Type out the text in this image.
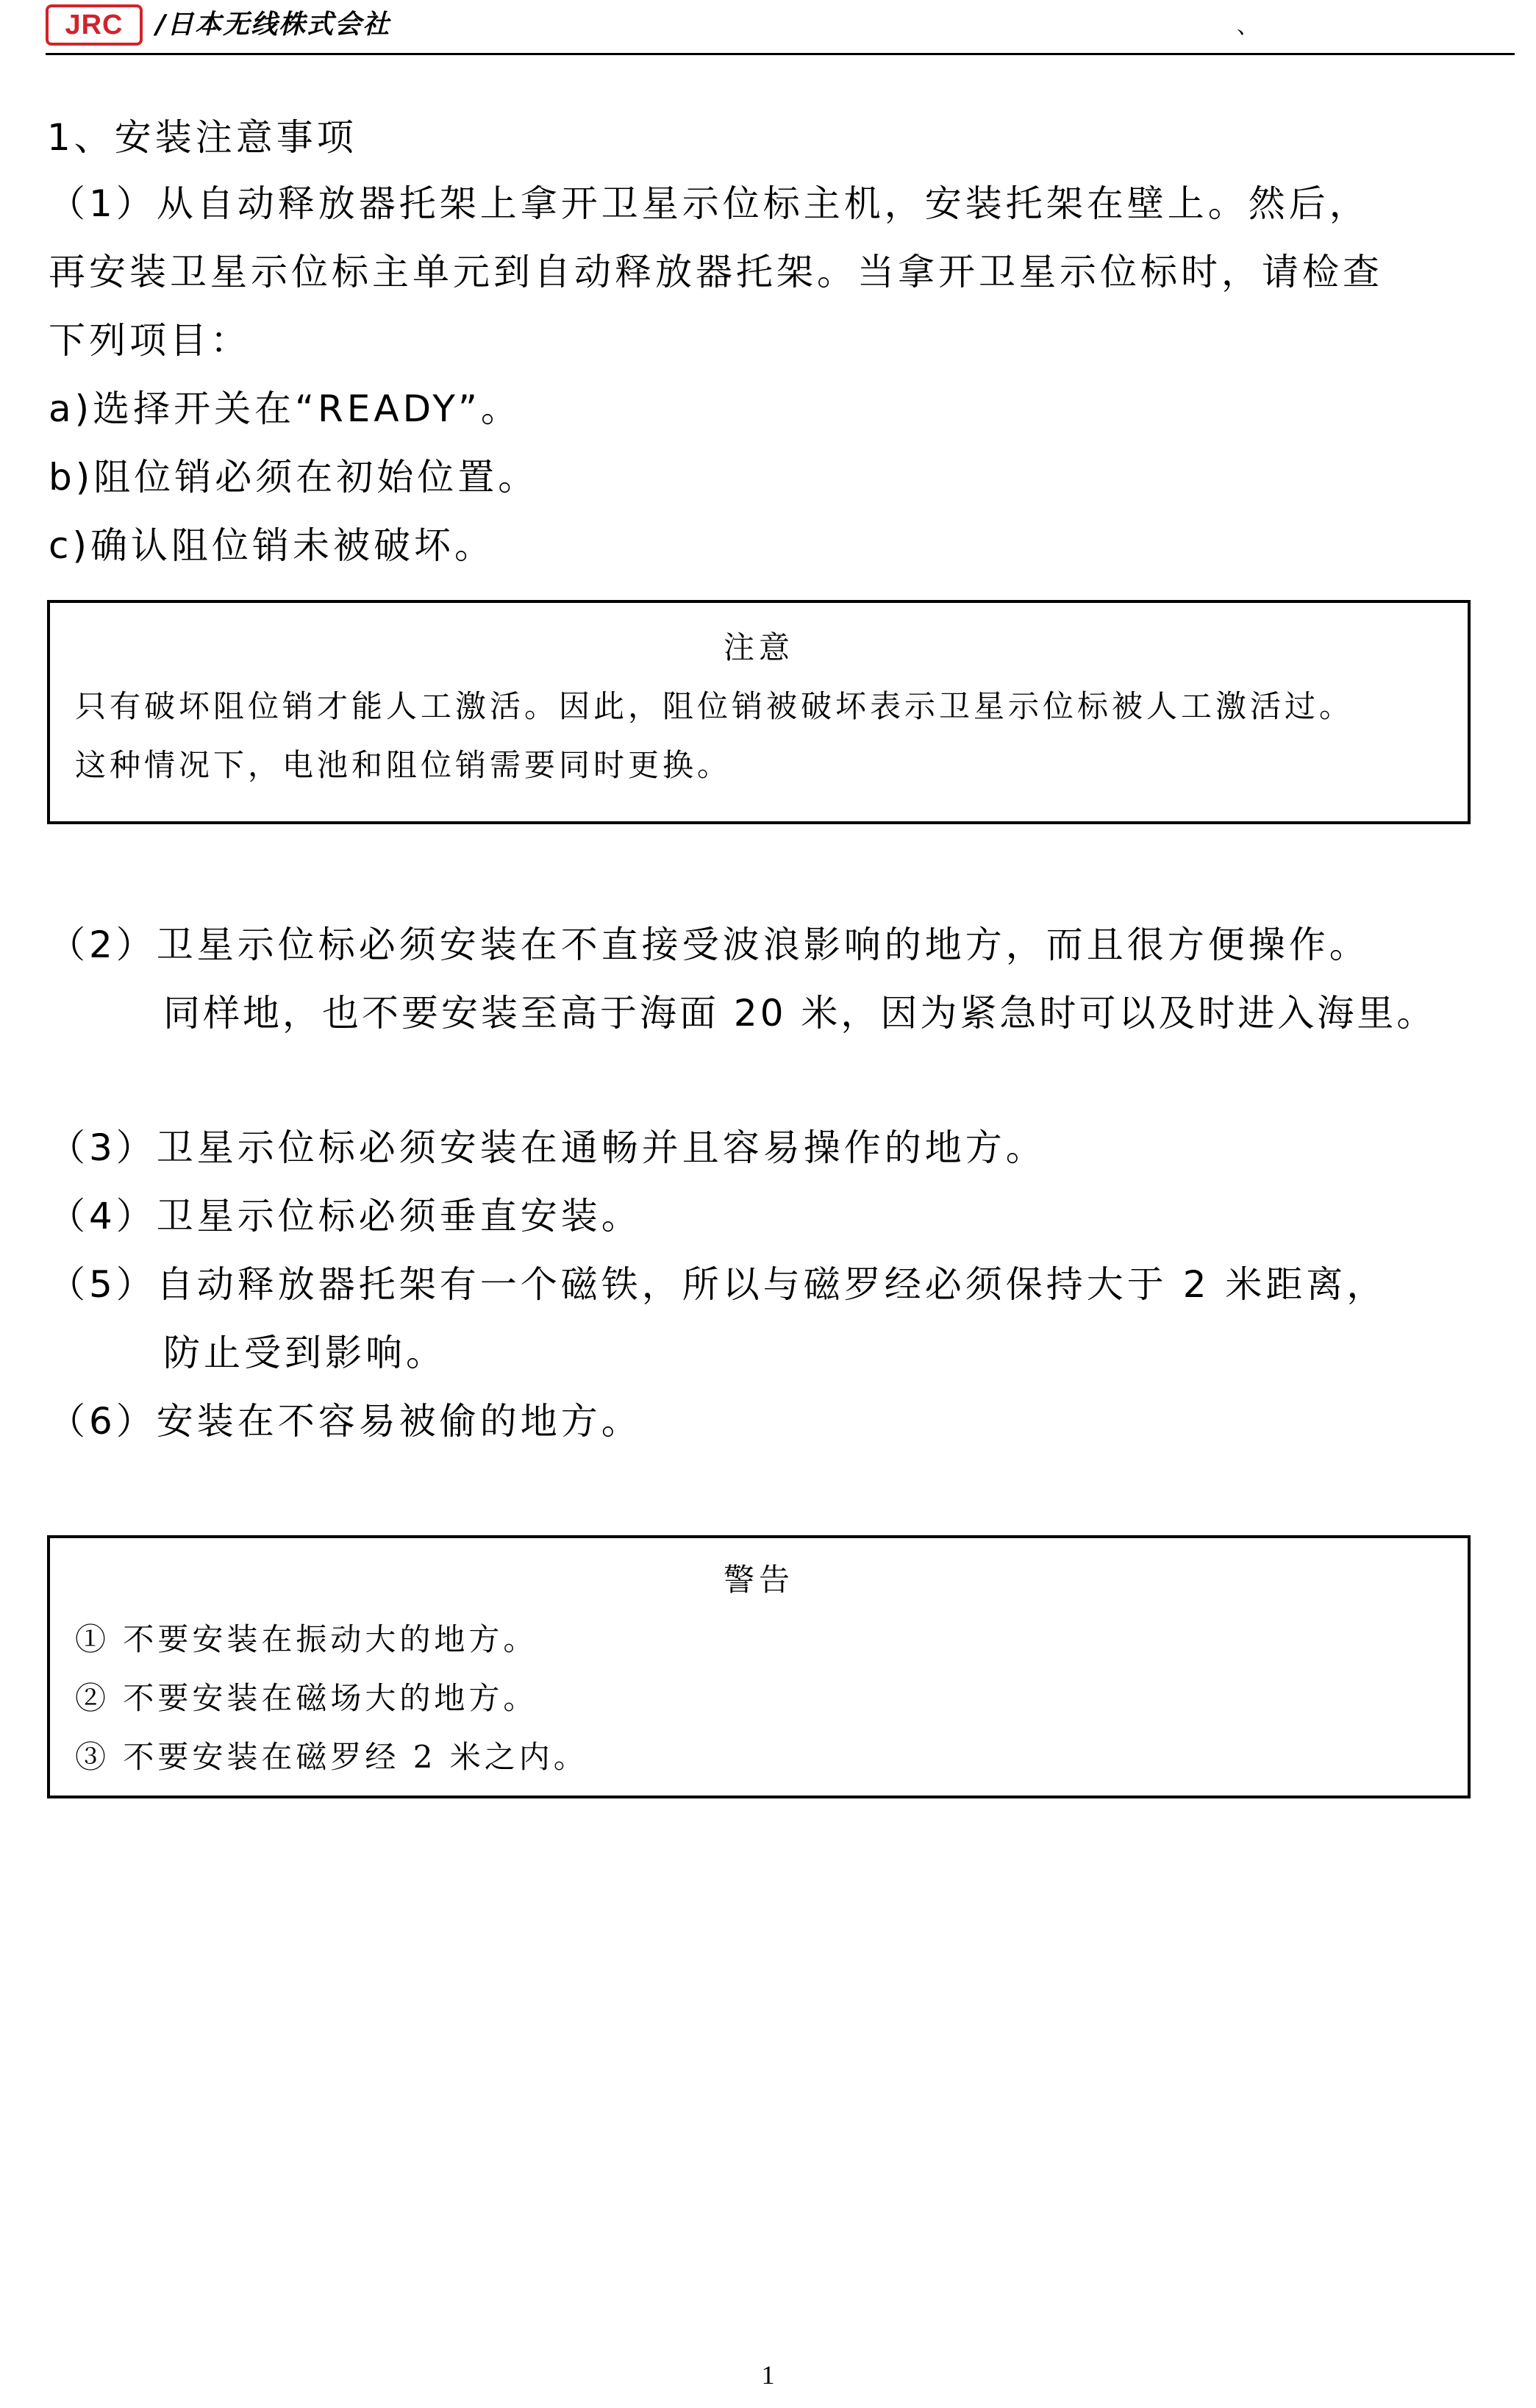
JRC	/日本无线株式会社	、

1、安装注意事项

（1）从自动释放器托架上拿开卫星示位标主机，安装托架在壁上。然后，

再安装卫星示位标主单元到自动释放器托架。当拿开卫星示位标时，请检查

下列项目：

a)选择开关在“READY”。

b)阻位销必须在初始位置。

c)确认阻位销未被破坏。

注意

只有破坏阻位销才能人工激活。因此，阻位销被破坏表示卫星示位标被人工激活过。

这种情况下，电池和阻位销需要同时更换。

（2）卫星示位标必须安装在不直接受波浪影响的地方，而且很方便操作。

同样地，也不要安装至高于海面 20 米，因为紧急时可以及时进入海里。

（3）卫星示位标必须安装在通畅并且容易操作的地方。

（4）卫星示位标必须垂直安装。

（5）自动释放器托架有一个磁铁，所以与磁罗经必须保持大于 2 米距离，

防止受到影响。

（6）安装在不容易被偷的地方。

警告

① 不要安装在振动大的地方。

② 不要安装在磁场大的地方。

③ 不要安装在磁罗经 2 米之内。

1
